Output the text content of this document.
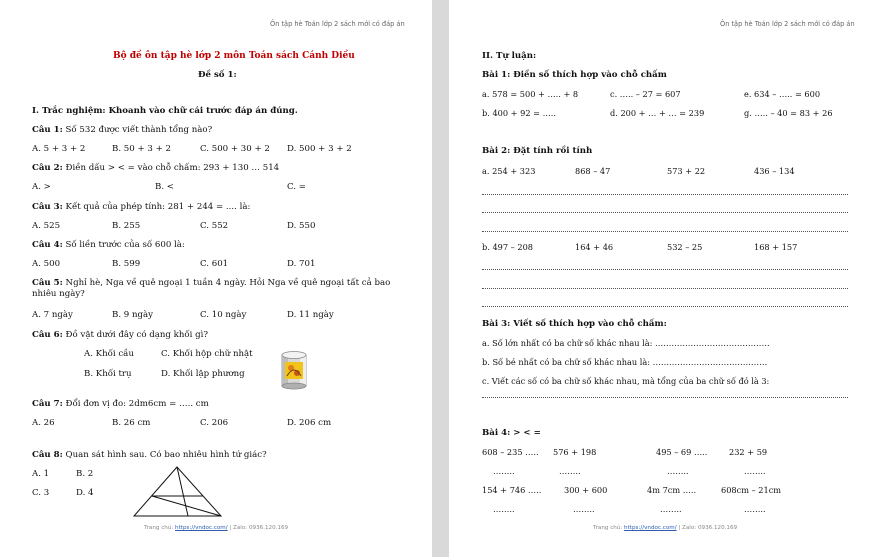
Ôn tập hè Toán lớp 2 sách mới có đáp án
Bộ đề ôn tập hè lớp 2 môn Toán sách Cánh Diều
Đề số 1:
I. Trắc nghiệm: Khoanh vào chữ cái trước đáp án đúng.
Câu 1: Số 532 được viết thành tổng nào?
A. 5 + 3 + 2	B. 50 + 3 + 2	C. 500 + 30 + 2 D. 500 + 3 + 2
Câu 2: Điền dấu > < = vào chỗ chấm: 293 + 130 … 514
A. >	B. <	C. =
Câu 3: Kết quả của phép tính: 281 + 244 = .... là:
A. 525	B. 255	C. 552	D. 550
Câu 4: Số liền trước của số 600 là:
A. 500	B. 599	C. 601	D. 701
Câu 5: Nghỉ hè, Nga về quê ngoại 1 tuần 4 ngày. Hỏi Nga về quê ngoại tất cả bao nhiêu ngày?
A. 7 ngày	B. 9 ngày	C. 10 ngày	D. 11 ngày
Câu 6: Đồ vật dưới đây có dạng khối gì?
A. Khối cầu	C. Khối hộp chữ nhật
B. Khối trụ	D. Khối lập phương
Câu 7: Đổi đơn vị đo: 2dm6cm = ….. cm
A. 26	B. 26 cm	C. 206	D. 206 cm
Câu 8: Quan sát hình sau. Có bao nhiêu hình tứ giác?
A. 1	B. 2
C. 3	D. 4
Trang chủ: https://vndoc.com/ | Zalo: 0936.120.169
Ôn tập hè Toán lớp 2 sách mới có đáp án
II. Tự luận:
Bài 1: Điền số thích hợp vào chỗ chấm
a. 578 = 500 + ….. + 8	c. ….. – 27 = 607	e. 634 – ….. = 600
b. 400 + 92 = …..	d. 200 + … + … = 239	g. ….. – 40 = 83 + 26
Bài 2: Đặt tính rồi tính
a. 254 + 323	868 – 47	573 + 22	436 – 134
b. 497 – 208	164 + 46	532 – 25	168 + 157
Bài 3: Viết số thích hợp vào chỗ chấm:
a. Số lớn nhất có ba chữ số khác nhau là: ……………………………………
b. Số bé nhất có ba chữ số khác nhau là: ……………………………………
c. Viết các số có ba chữ số khác nhau, mà tổng của ba chữ số đó là 3:
Bài 4: > < =
608 – 235 ….. 576 + 198	495 – 69 …..	232 + 59
……..	……..	……..	……..
154 + 746 …..	300 + 600	4m 7cm …..	608cm – 21cm
……..	……..	……..	……..
Trang chủ: https://vndoc.com/ | Zalo: 0936.120.169
